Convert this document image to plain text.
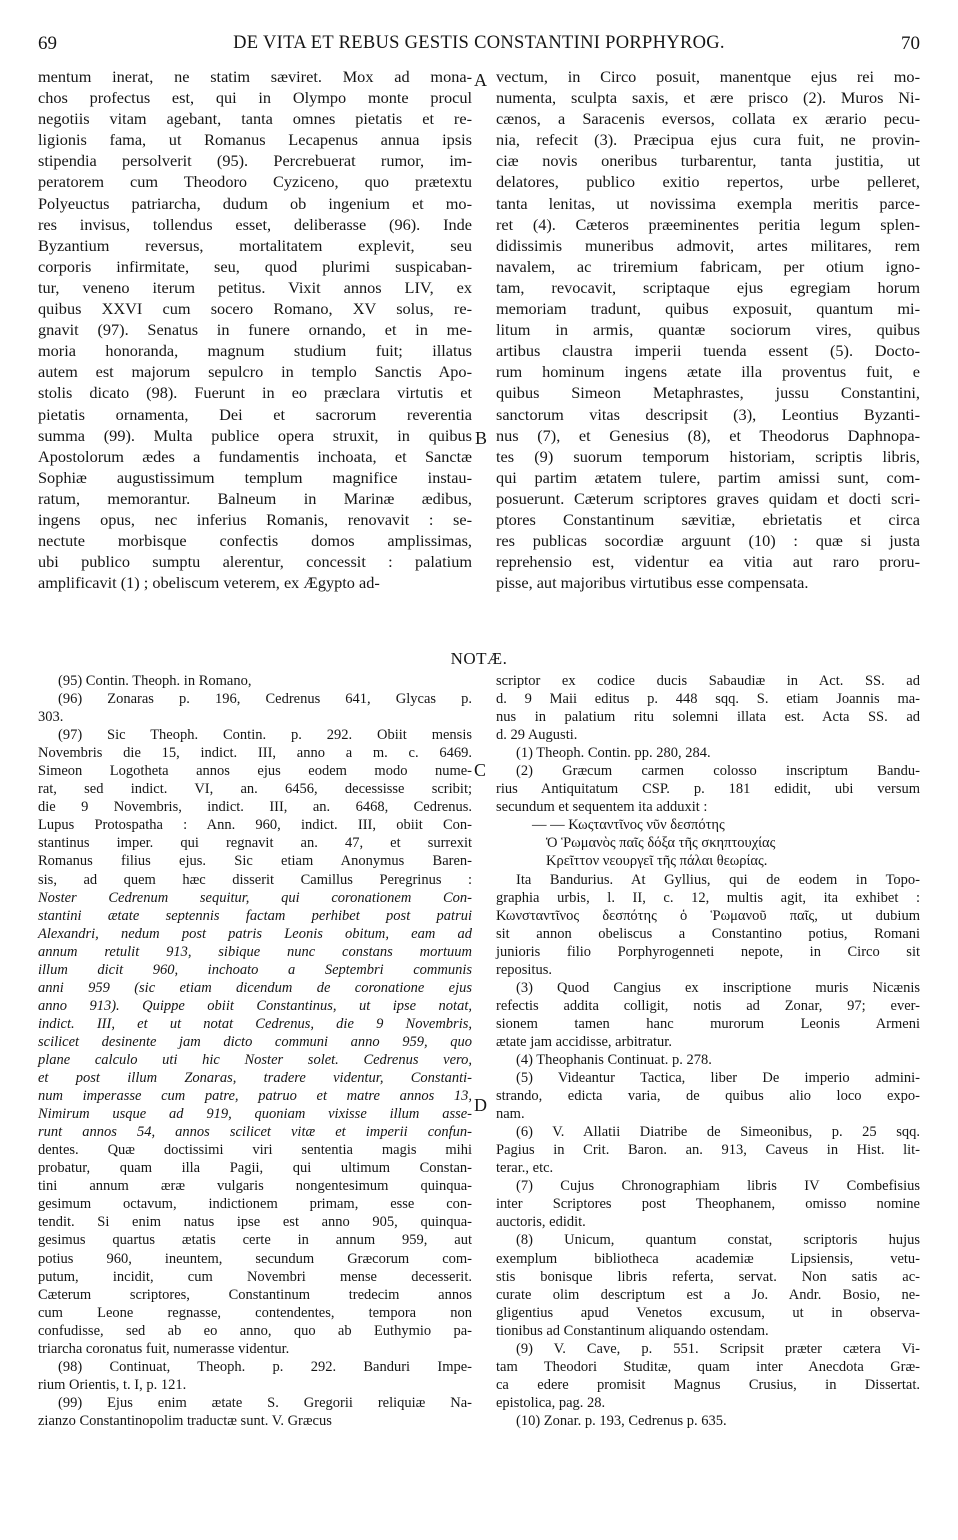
69	DE VITA ET REBUS GESTIS CONSTANTINI PORPHYROG.	70
mentum inerat, ne statim sæviret. Mox ad mona-
chos profectus est, qui in Olympo monte procul
negotiis vitam agebant, tanta omnes pietatis et re-
ligionis fama, ut Romanus Lecapenus annua ipsis
stipendia persolverit (95). Percrebuerat rumor, im-
peratorem cum Theodoro Cyziceno, quo prætextu
Polyeuctus patriarcha, dudum ob ingenium et mo-
res invisus, tollendus esset, deliberasse (96). Inde
Byzantium reversus, mortalitatem explevit, seu
corporis infirmitate, seu, quod plurimi suspicaban-
tur, veneno iterum petitus. Vixit annos LIV, ex
quibus XXVI cum socero Romano, XV solus, re-
gnavit (97). Senatus in funere ornando, et in me-
moria honoranda, magnum studium fuit; illatus
autem est majorum sepulcro in templo Sanctis Apo-
stolis dicato (98). Fuerunt in eo præclara virtutis et
pietatis ornamenta, Dei et sacrorum reverentia
summa (99). Multa publice opera struxit, in quibus
Apostolorum ædes a fundamentis inchoata, et Sanctæ
Sophiæ augustissimum templum magnifice instau-
ratum, memorantur. Balneum in Marinæ ædibus,
ingens opus, nec inferius Romanis, renovavit : se-
nectute morbisque confectis domos amplissimas,
ubi publico sumptu alerentur, concessit : palatium
amplificavit (1) ; obeliscum veterem, ex Ægypto ad-
vectum, in Circo posuit, manentque ejus rei mo-
numenta, sculpta saxis, et ære prisco (2). Muros Ni-
cænos, a Saracenis eversos, collata ex ærario pecu-
nia, refecit (3). Præcipua ejus cura fuit, ne provin-
ciæ novis oneribus turbarentur, tanta justitia, ut
delatores, publico exitio repertos, urbe pelleret,
tanta lenitas, ut novissima exempla meritis parce-
ret (4). Cæteros præeminentes peritia legum splen-
didissimis muneribus admovit, artes militares, rem
navalem, ac triremium fabricam, per otium igno-
tam, revocavit, scriptaque ejus egregiam horum
memoriam tradunt, quibus exposuit, quantum mi-
litum in armis, quantæ sociorum vires, quibus
artibus claustra imperii tuenda essent (5). Docto-
rum hominum ingens ætate illa proventus fuit, e
quibus Simeon Metaphrastes, jussu Constantini,
sanctorum vitas descripsit (3), Leontius Byzanti-
nus (7), et Genesius (8), et Theodorus Daphnopa-
tes (9) suorum temporum historiam, scriptis libris,
qui partim ætatem tulere, partim amissi sunt, com-
posuerunt. Cæterum scriptores graves quidam et docti scri-
ptores Constantinum sævitiæ, ebrietatis et circa
res publicas socordiæ arguunt (10) : quæ si justa
reprehensio est, videntur ea vitia aut raro proru-
pisse, aut majoribus virtutibus esse compensata.
A
B
C
D
NOTÆ.
(95) Contin. Theoph. in Romano,
(96) Zonaras p. 196, Cedrenus 641, Glycas p.
303.
(97) Sic Theoph. Contin. p. 292. Obiit mensis
Novembris die 15, indict. III, anno a m. c. 6469.
Simeon Logotheta annos ejus eodem modo nume-
rat, sed indict. VI, an. 6456, decessisse scribit;
die 9 Novembris, indict. III, an. 6468, Cedrenus.
Lupus Protospatha : Ann. 960, indict. III, obiit Con-
stantinus imper. qui regnavit an. 47, et surrexit
Romanus filius ejus. Sic etiam Anonymus Baren-
sis, ad quem hæc disserit Camillus Peregrinus :
Noster Cedrenum sequitur, qui coronationem Con-
stantini ætate septennis factam perhibet post patrui
Alexandri, nedum post patris Leonis obitum, eam ad
annum retulit 913, sibique nunc constans mortuum
illum dicit 960, inchoato a Septembri communis
anni 959 (sic etiam dicendum de coronatione ejus
anno 913). Quippe obiit Constantinus, ut ipse notat,
indict. III, et ut notat Cedrenus, die 9 Novembris,
scilicet desinente jam dicto communi anno 959, quo
plane calculo uti hic Noster solet. Cedrenus vero,
et post illum Zonaras, tradere videntur, Constanti-
num imperasse cum patre, patruo et matre annos 13,
Nimirum usque ad 919, quoniam vixisse illum asse-
runt annos 54, annos scilicet vitæ et imperii confun-
dentes. Quæ doctissimi viri sententia magis mihi
probatur, quam illa Pagii, qui ultimum Constan-
tini annum æræ vulgaris nongentesimum quinqua-
gesimum octavum, indictionem primam, esse con-
tendit. Si enim natus ipse est anno 905, quinqua-
gesimus quartus ætatis certe in annum 959, aut
potius 960, ineuntem, secundum Græcorum com-
putum, incidit, cum Novembri mense decesserit.
Cæterum scriptores, Constantinum tredecim annos
cum Leone regnasse, contendentes, tempora non
confudisse, sed ab eo anno, quo ab Euthymio pa-
triarcha coronatus fuit, numerasse videntur.
(98) Continuat, Theoph. p. 292. Banduri Impe-
rium Orientis, t. I, p. 121.
(99) Ejus enim ætate S. Gregorii reliquiæ Na-
zianzo Constantinopolim traductæ sunt. V. Græcus
scriptor ex codice ducis Sabaudiæ in Act. SS. ad
d. 9 Maii editus p. 448 sqq. S. etiam Joannis ma-
nus in palatium ritu solemni illata est. Acta SS. ad
d. 29 Augusti.
(1) Theoph. Contin. pp. 280, 284.
(2) Græcum carmen colosso inscriptum Bandu-
rius Antiquitatum CSP. p. 181 edidit, ubi versum
secundum et sequentem ita adduxit :
— — Κωςταντῖνος νῦν δεσπότης
Ὁ Ῥωμανὸς παῖς δόξα τῆς σκηπτουχίας
Κρεῖττον νεουργεῖ τῆς πάλαι θεωρίας.
Ita Bandurius. At Gyllius, qui de eodem in Topo-
graphia urbis, l. II, c. 12, multis agit, ita exhibet :
Κωνσταντῖνος δεσπότης ὁ Ῥωμανοῦ παῖς, ut dubium
sit annon obeliscus a Constantino potius, Romani
junioris filio Porphyrogenneti nepote, in Circo sit
repositus.
(3) Quod Cangius ex inscriptione muris Nicænis
refectis addita colligit, notis ad Zonar, 97; ever-
sionem tamen hanc murorum Leonis Armeni
ætate jam accidisse, arbitratur.
(4) Theophanis Continuat. p. 278.
(5) Videantur Tactica, liber De imperio admini-
strando, edicta varia, de quibus alio loco expo-
nam.
(6) V. Allatii Diatribe de Simeonibus, p. 25 sqq.
Pagius in Crit. Baron. an. 913, Caveus in Hist. lit-
terar., etc.
(7) Cujus Chronographiam libris IV Combefisius
inter Scriptores post Theophanem, omisso nomine
auctoris, edidit.
(8) Unicum, quantum constat, scriptoris hujus
exemplum bibliotheca academiæ Lipsiensis, vetu-
stis bonisque libris referta, servat. Non satis ac-
curate olim descriptum est a Jo. Andr. Bosio, ne-
gligentius apud Venetos excusum, ut in observa-
tionibus ad Constantinum aliquando ostendam.
(9) V. Cave, p. 551. Scripsit præter cætera Vi-
tam Theodori Studitæ, quam inter Anecdota Græ-
ca edere promisit Magnus Crusius, in Dissertat.
epistolica, pag. 28.
(10) Zonar. p. 193, Cedrenus p. 635.
